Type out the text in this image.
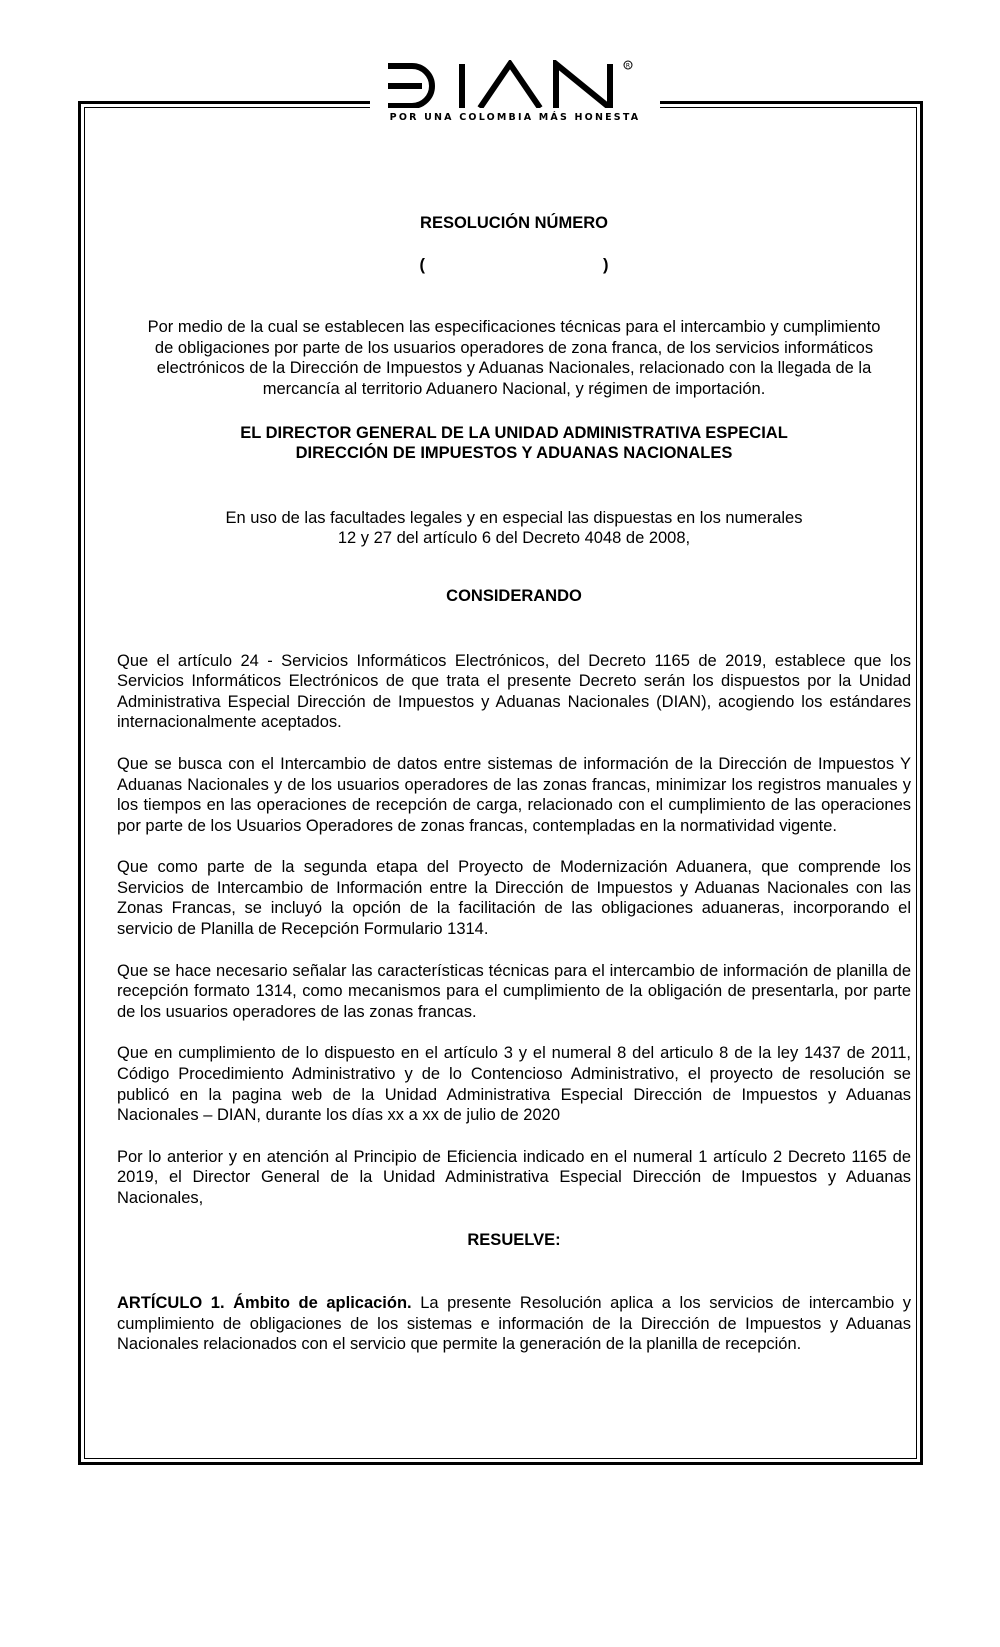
R
POR UNA COLOMBIA MÁS HONESTA
RESOLUCIÓN NÚMERO
(	)
Por medio de la cual se establecen las especificaciones técnicas para el intercambio y cumplimiento de obligaciones por parte de los usuarios operadores de zona franca, de los servicios informáticos electrónicos de la Dirección de Impuestos y Aduanas Nacionales, relacionado con la llegada de la mercancía al territorio Aduanero Nacional, y régimen de importación.
EL DIRECTOR GENERAL DE LA UNIDAD ADMINISTRATIVA ESPECIAL
DIRECCIÓN DE IMPUESTOS Y ADUANAS NACIONALES
En uso de las facultades legales y en especial las dispuestas en los numerales
12 y 27 del artículo 6 del Decreto 4048 de 2008,
CONSIDERANDO
Que el artículo 24 - Servicios Informáticos Electrónicos, del Decreto 1165 de 2019, establece que los Servicios Informáticos Electrónicos de que trata el presente Decreto serán los dispuestos por la Unidad Administrativa Especial Dirección de Impuestos y Aduanas Nacionales (DIAN), acogiendo los estándares internacionalmente aceptados.
Que se busca con el Intercambio de datos entre sistemas de información de la Dirección de Impuestos Y Aduanas Nacionales y de los usuarios operadores de las zonas francas, minimizar los registros manuales y los tiempos en las operaciones de recepción de carga, relacionado con el cumplimiento de las operaciones por parte de los Usuarios Operadores de zonas francas, contempladas en la normatividad vigente.
Que como parte de la segunda etapa del Proyecto de Modernización Aduanera, que comprende los Servicios de Intercambio de Información entre la Dirección de Impuestos y Aduanas Nacionales con las Zonas Francas, se incluyó la opción de la facilitación de las obligaciones aduaneras, incorporando el servicio de Planilla de Recepción Formulario 1314.
Que se hace necesario señalar las características técnicas para el intercambio de información de planilla de recepción formato 1314, como mecanismos para el cumplimiento de la obligación de presentarla, por parte de los usuarios operadores de las zonas francas.
Que en cumplimiento de lo dispuesto en el artículo 3 y el numeral 8 del articulo 8 de la ley 1437 de 2011, Código Procedimiento Administrativo y de lo Contencioso Administrativo, el proyecto de resolución se publicó en la pagina web de la Unidad Administrativa Especial Dirección de Impuestos y Aduanas Nacionales – DIAN, durante los días xx a xx de julio de 2020
Por lo anterior y en atención al Principio de Eficiencia indicado en el numeral 1 artículo 2 Decreto 1165 de 2019, el Director General de la Unidad Administrativa Especial Dirección de Impuestos y Aduanas Nacionales,
RESUELVE:
ARTÍCULO 1. Ámbito de aplicación. La presente Resolución aplica a los servicios de intercambio y cumplimiento de obligaciones de los sistemas e información de la Dirección de Impuestos y Aduanas Nacionales relacionados con el servicio que permite la generación de la planilla de recepción.
